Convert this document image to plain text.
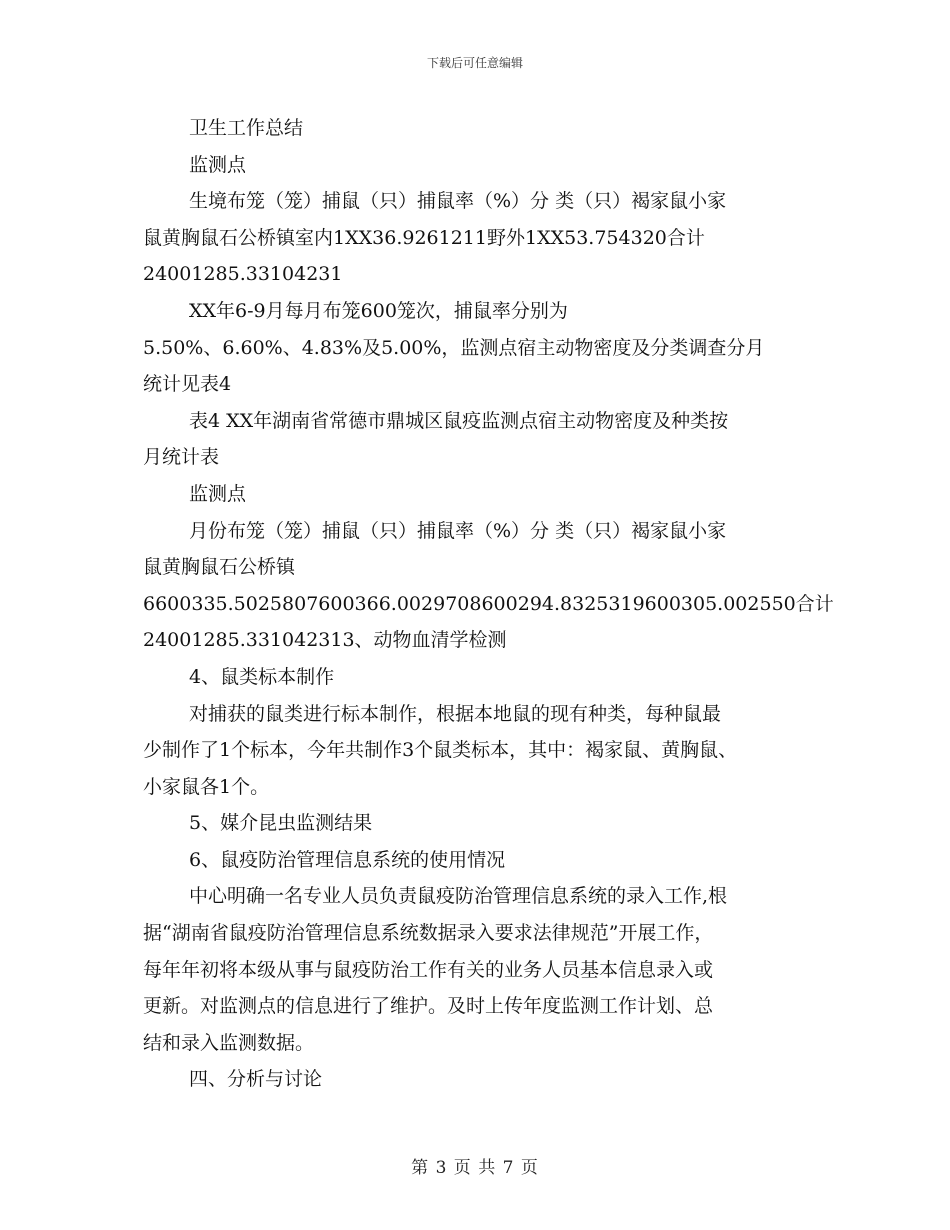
下载后可任意编辑

卫生工作总结

监测点

生境布笼（笼）捕鼠（只）捕鼠率（%）分 类（只）褐家鼠小家

鼠黄胸鼠石公桥镇室内1XX36.9261211野外1XX53.754320合计

24001285.33104231

XX年6-9月每月布笼600笼次，捕鼠率分别为

5.50%、6.60%、4.83%及5.00%，监测点宿主动物密度及分类调查分月

统计见表4

表4 XX年湖南省常德市鼎城区鼠疫监测点宿主动物密度及种类按

月统计表

监测点

月份布笼（笼）捕鼠（只）捕鼠率（%）分 类（只）褐家鼠小家

鼠黄胸鼠石公桥镇

6600335.5025807600366.0029708600294.8325319600305.002550合计

24001285.331042313、动物血清学检测

4、鼠类标本制作

对捕获的鼠类进行标本制作，根据本地鼠的现有种类，每种鼠最

少制作了1个标本，今年共制作3个鼠类标本，其中：褐家鼠、黄胸鼠、

小家鼠各1个。

5、媒介昆虫监测结果

6、鼠疫防治管理信息系统的使用情况

中心明确一名专业人员负责鼠疫防治管理信息系统的录入工作,根

据“湖南省鼠疫防治管理信息系统数据录入要求法律规范”开展工作，

每年年初将本级从事与鼠疫防治工作有关的业务人员基本信息录入或

更新。对监测点的信息进行了维护。及时上传年度监测工作计划、总

结和录入监测数据。

四、分析与讨论

第 3 页 共 7 页
